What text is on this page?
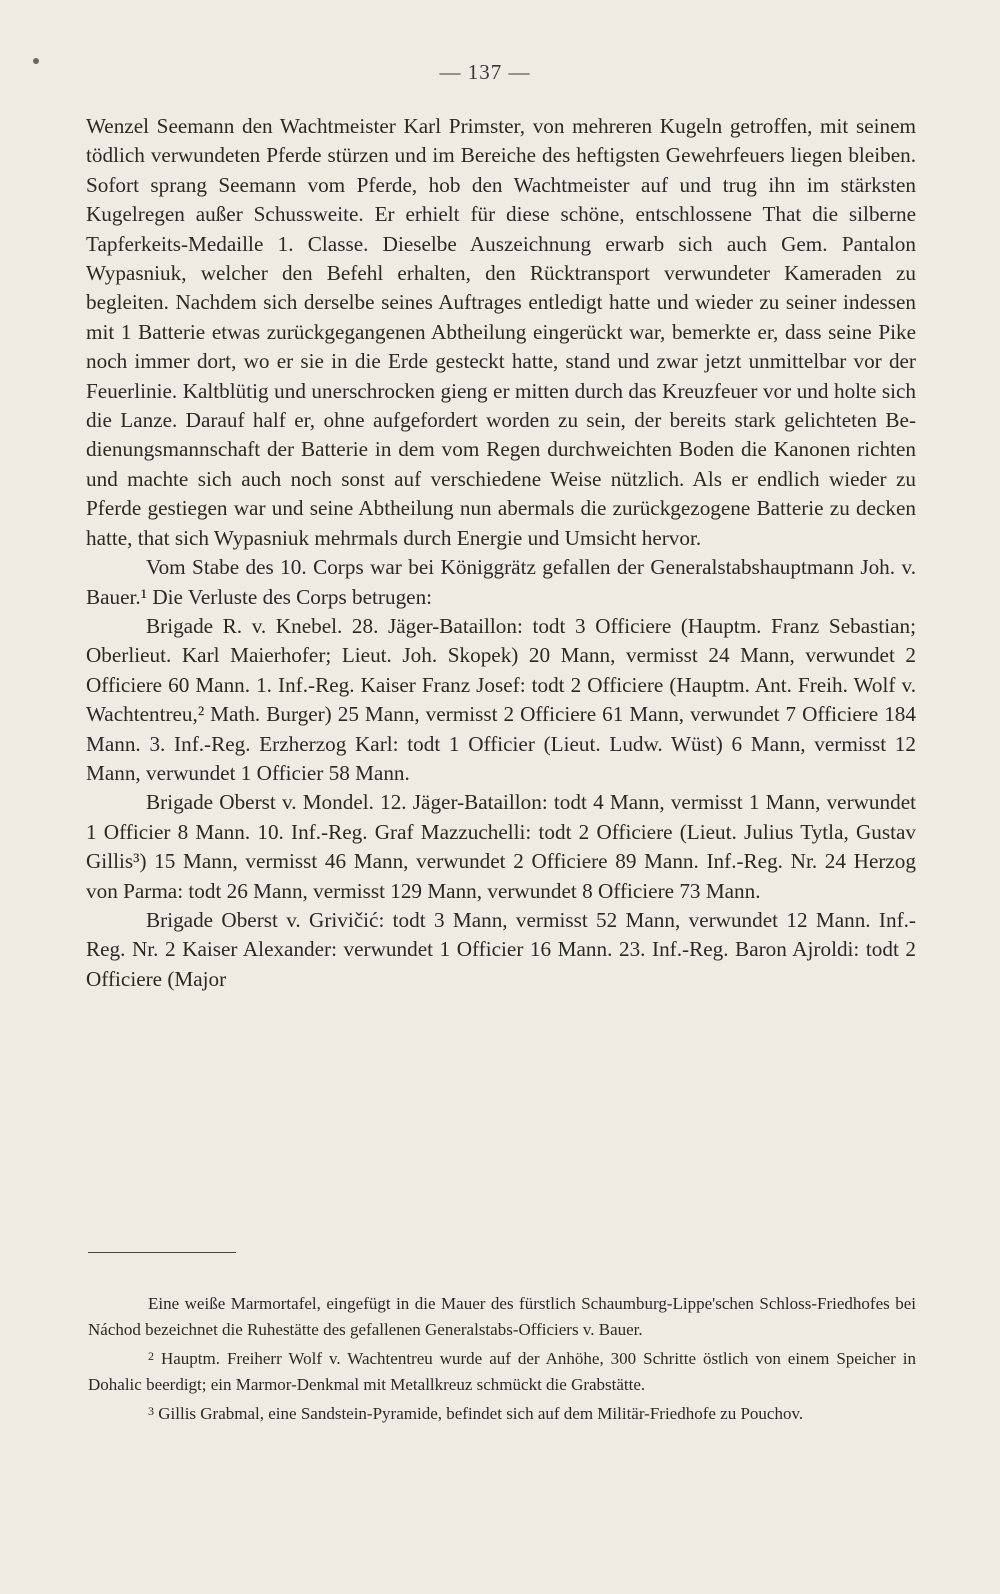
— 137 —

Wenzel Seemann den Wachtmeister Karl Primster, von mehreren Kugeln getroffen, mit seinem tödlich verwundeten Pferde stürzen und im Bereiche des heftigsten Gewehrfeuers liegen bleiben. Sofort sprang Seemann vom Pferde, hob den Wachtmeister auf und trug ihn im stärksten Kugelregen außer Schussweite. Er erhielt für diese schöne, entschlossene That die silberne Tapferkeits-Medaille 1. Classe. Dieselbe Auszeichnung erwarb sich auch Gem. Pantalon Wypasniuk, welcher den Befehl erhalten, den Rücktransport verwundeter Kameraden zu begleiten. Nachdem sich derselbe seines Auftrages entledigt hatte und wieder zu seiner indessen mit 1 Batterie etwas zurückgegangenen Abtheilung eingerückt war, bemerkte er, dass seine Pike noch immer dort, wo er sie in die Erde gesteckt hatte, stand und zwar jetzt unmittelbar vor der Feuerlinie. Kaltblütig und unerschrocken gieng er mitten durch das Kreuzfeuer vor und holte sich die Lanze. Darauf half er, ohne aufgefordert worden zu sein, der bereits stark gelichteten Bedienungsmannschaft der Batterie in dem vom Regen durchweichten Boden die Kanonen richten und machte sich auch noch sonst auf verschiedene Weise nützlich. Als er endlich wieder zu Pferde gestiegen war und seine Abtheilung nun abermals die zurückgezogene Batterie zu decken hatte, that sich Wypasniuk mehrmals durch Energie und Umsicht hervor.

Vom Stabe des 10. Corps war bei Königgrätz gefallen der Generalstabshauptmann Joh. v. Bauer.¹ Die Verluste des Corps betrugen:

Brigade R. v. Knebel. 28. Jäger-Bataillon: todt 3 Officiere (Hauptm. Franz Sebastian; Oberlieut. Karl Maierhofer; Lieut. Joh. Skopek) 20 Mann, vermisst 24 Mann, verwundet 2 Officiere 60 Mann. 1. Inf.-Reg. Kaiser Franz Josef: todt 2 Officiere (Hauptm. Ant. Freih. Wolf v. Wachtentreu,² Math. Burger) 25 Mann, vermisst 2 Officiere 61 Mann, verwundet 7 Officiere 184 Mann. 3. Inf.-Reg. Erzherzog Karl: todt 1 Officier (Lieut. Ludw. Wüst) 6 Mann, vermisst 12 Mann, verwundet 1 Officier 58 Mann.

Brigade Oberst v. Mondel. 12. Jäger-Bataillon: todt 4 Mann, vermisst 1 Mann, verwundet 1 Officier 8 Mann. 10. Inf.-Reg. Graf Mazzuchelli: todt 2 Officiere (Lieut. Julius Tytla, Gustav Gillis³) 15 Mann, vermisst 46 Mann, verwundet 2 Officiere 89 Mann. Inf.-Reg. Nr. 24 Herzog von Parma: todt 26 Mann, vermisst 129 Mann, verwundet 8 Officiere 73 Mann.

Brigade Oberst v. Grivičić: todt 3 Mann, vermisst 52 Mann, verwundet 12 Mann. Inf.-Reg. Nr. 2 Kaiser Alexander: verwundet 1 Officier 16 Mann. 23. Inf.-Reg. Baron Ajroldi: todt 2 Officiere (Major

Eine weiße Marmortafel, eingefügt in die Mauer des fürstlich Schaumburg-Lippe'schen Schloss-Friedhofes bei Náchod bezeichnet die Ruhestätte des gefallenen Generalstabs-Officiers v. Bauer.

$^2$ Hauptm. Freiherr Wolf v. Wachtentreu wurde auf der Anhöhe, 300 Schritte östlich von einem Speicher in Dohalic beerdigt; ein Marmor-Denkmal mit Metallkreuz schmückt die Grabstätte.

$^3$ Gillis Grabmal, eine Sandstein-Pyramide, befindet sich auf dem Militär-Friedhofe zu Pouchov.
